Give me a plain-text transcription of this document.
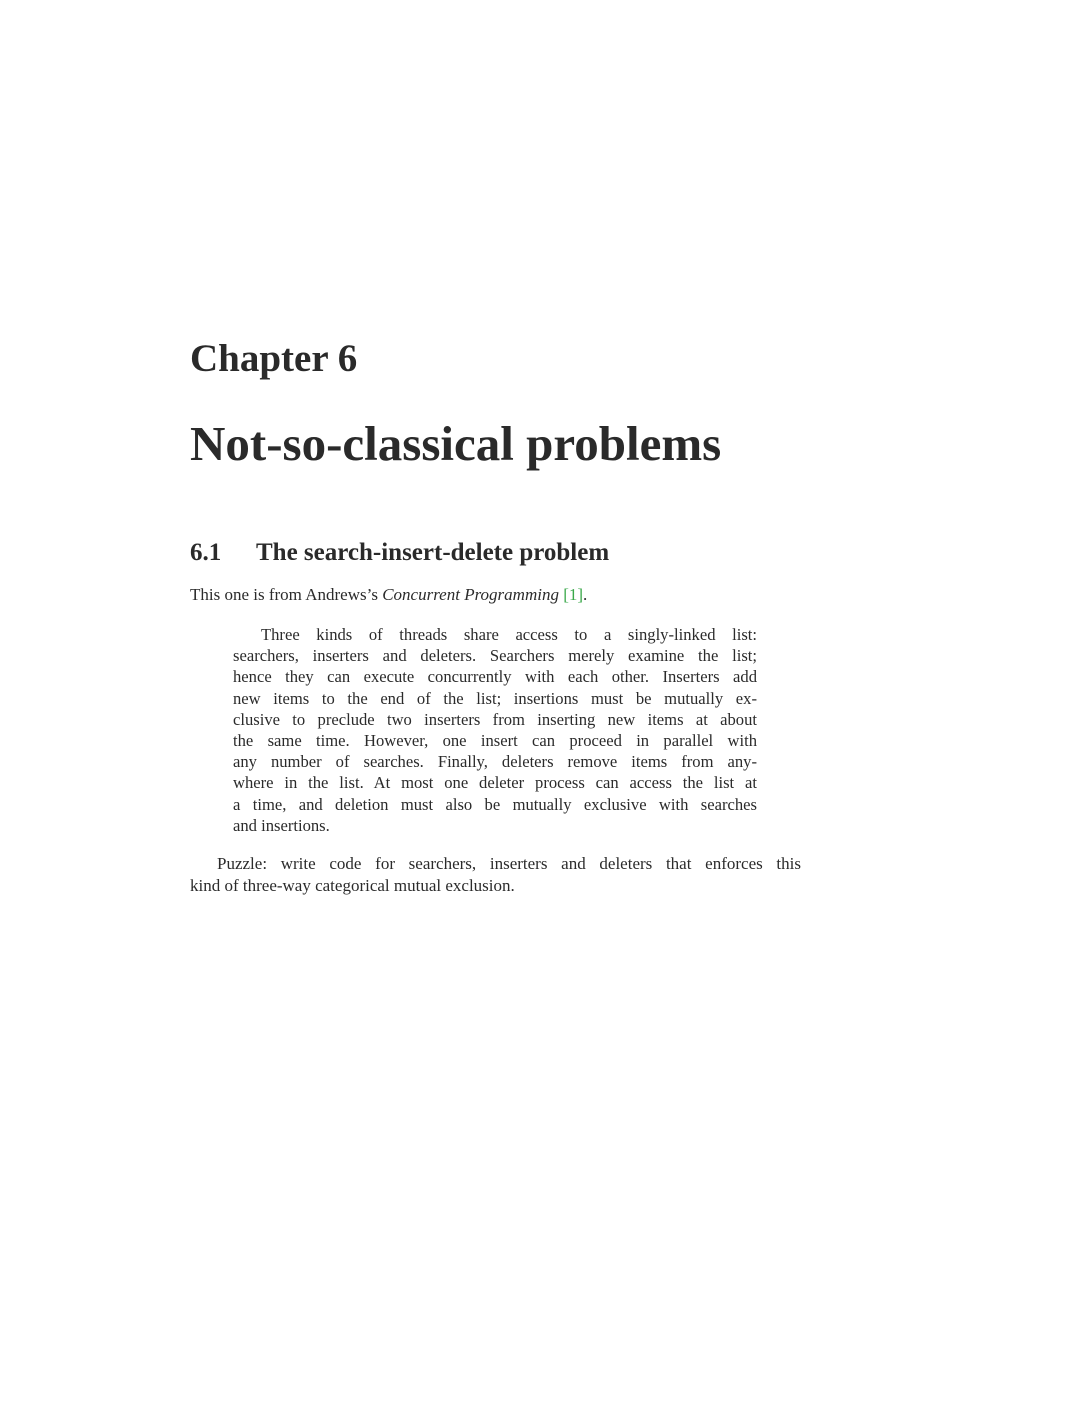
Chapter 6
Not-so-classical problems
6.1 The search-insert-delete problem
This one is from Andrews’s Concurrent Programming [1].
Three kinds of threads share access to a singly-linked list:
searchers, inserters and deleters. Searchers merely examine the list;
hence they can execute concurrently with each other. Inserters add
new items to the end of the list; insertions must be mutually ex-
clusive to preclude two inserters from inserting new items at about
the same time. However, one insert can proceed in parallel with
any number of searches. Finally, deleters remove items from any-
where in the list. At most one deleter process can access the list at
a time, and deletion must also be mutually exclusive with searches
and insertions.
Puzzle: write code for searchers, inserters and deleters that enforces this
kind of three-way categorical mutual exclusion.
